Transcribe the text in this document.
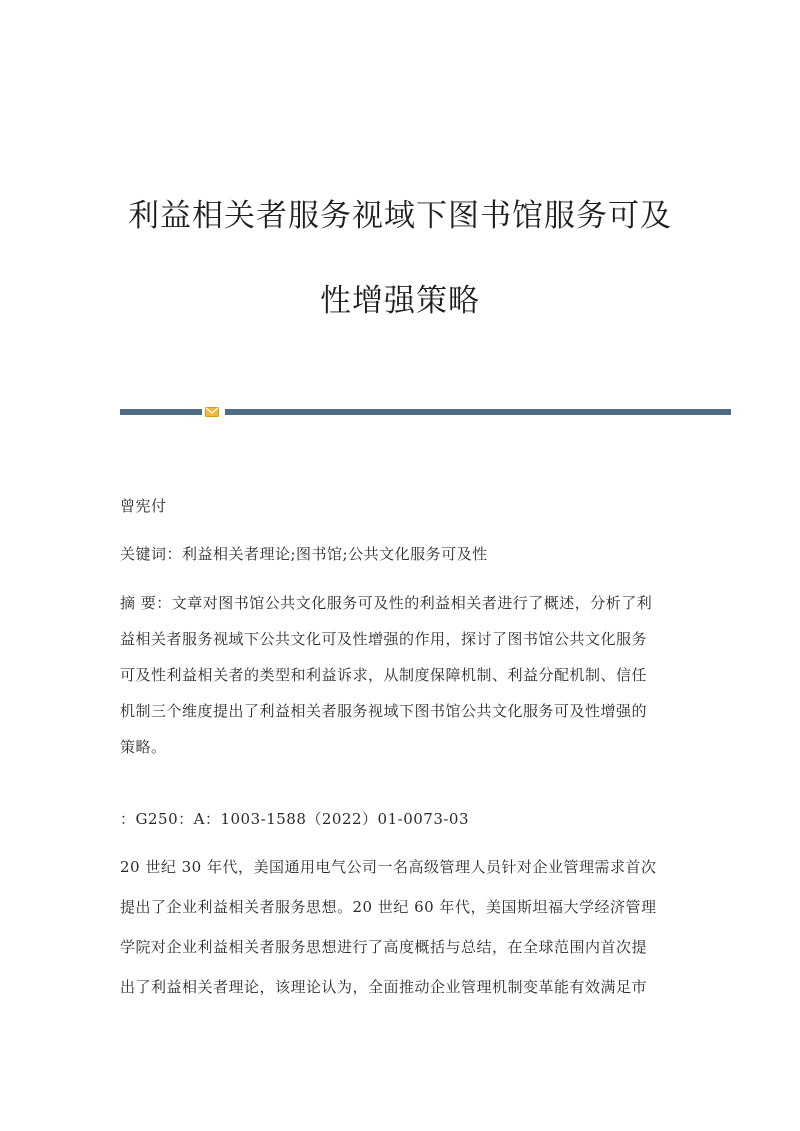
利益相关者服务视域下图书馆服务可及
性增强策略
曾宪付
关键词：利益相关者理论;图书馆;公共文化服务可及性
摘 要：文章对图书馆公共文化服务可及性的利益相关者进行了概述，分析了利
益相关者服务视域下公共文化可及性增强的作用，探讨了图书馆公共文化服务
可及性利益相关者的类型和利益诉求，从制度保障机制、利益分配机制、信任
机制三个维度提出了利益相关者服务视域下图书馆公共文化服务可及性增强的
策略。
：G250：A：1003-1588（2022）01-0073-03
20 世纪 30 年代，美国通用电气公司一名高级管理人员针对企业管理需求首次
提出了企业利益相关者服务思想。20 世纪 60 年代，美国斯坦福大学经济管理
学院对企业利益相关者服务思想进行了高度概括与总结，在全球范围内首次提
出了利益相关者理论，该理论认为，全面推动企业管理机制变革能有效满足市
